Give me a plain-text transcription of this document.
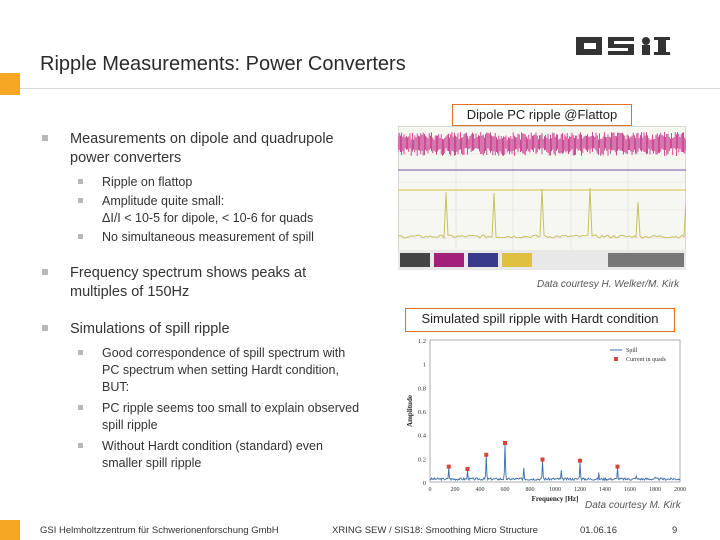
Ripple Measurements: Power Converters
Measurements on dipole and quadrupole power converters
Ripple on flattop
Amplitude quite small:
ΔI/I < 10-5 for dipole, < 10-6 for quads
No simultaneous measurement of spill
Frequency spectrum shows peaks at multiples of 150Hz
Simulations of spill ripple
Good correspondence of spill spectrum with PC spectrum when setting Hardt condition, BUT:
PC ripple seems too small to explain observed spill ripple
Without Hardt condition (standard) even smaller spill ripple
Dipole PC ripple @Flattop
Data courtesy H. Welker/M. Kirk
Simulated spill ripple with Hardt condition
1.2
1
0.8
0.6
0.4
0.2
0
0	200	400	600	800 1000 1200 1400 1600 1800 2000
Amplitude
Frequency [Hz]
Spill
Current in quads
Data courtesy M. Kirk
GSI Helmholtzzentrum für Schwerionenforschung GmbH	XRING SEW / SIS18: Smoothing Micro Structure	01.06.16	9
